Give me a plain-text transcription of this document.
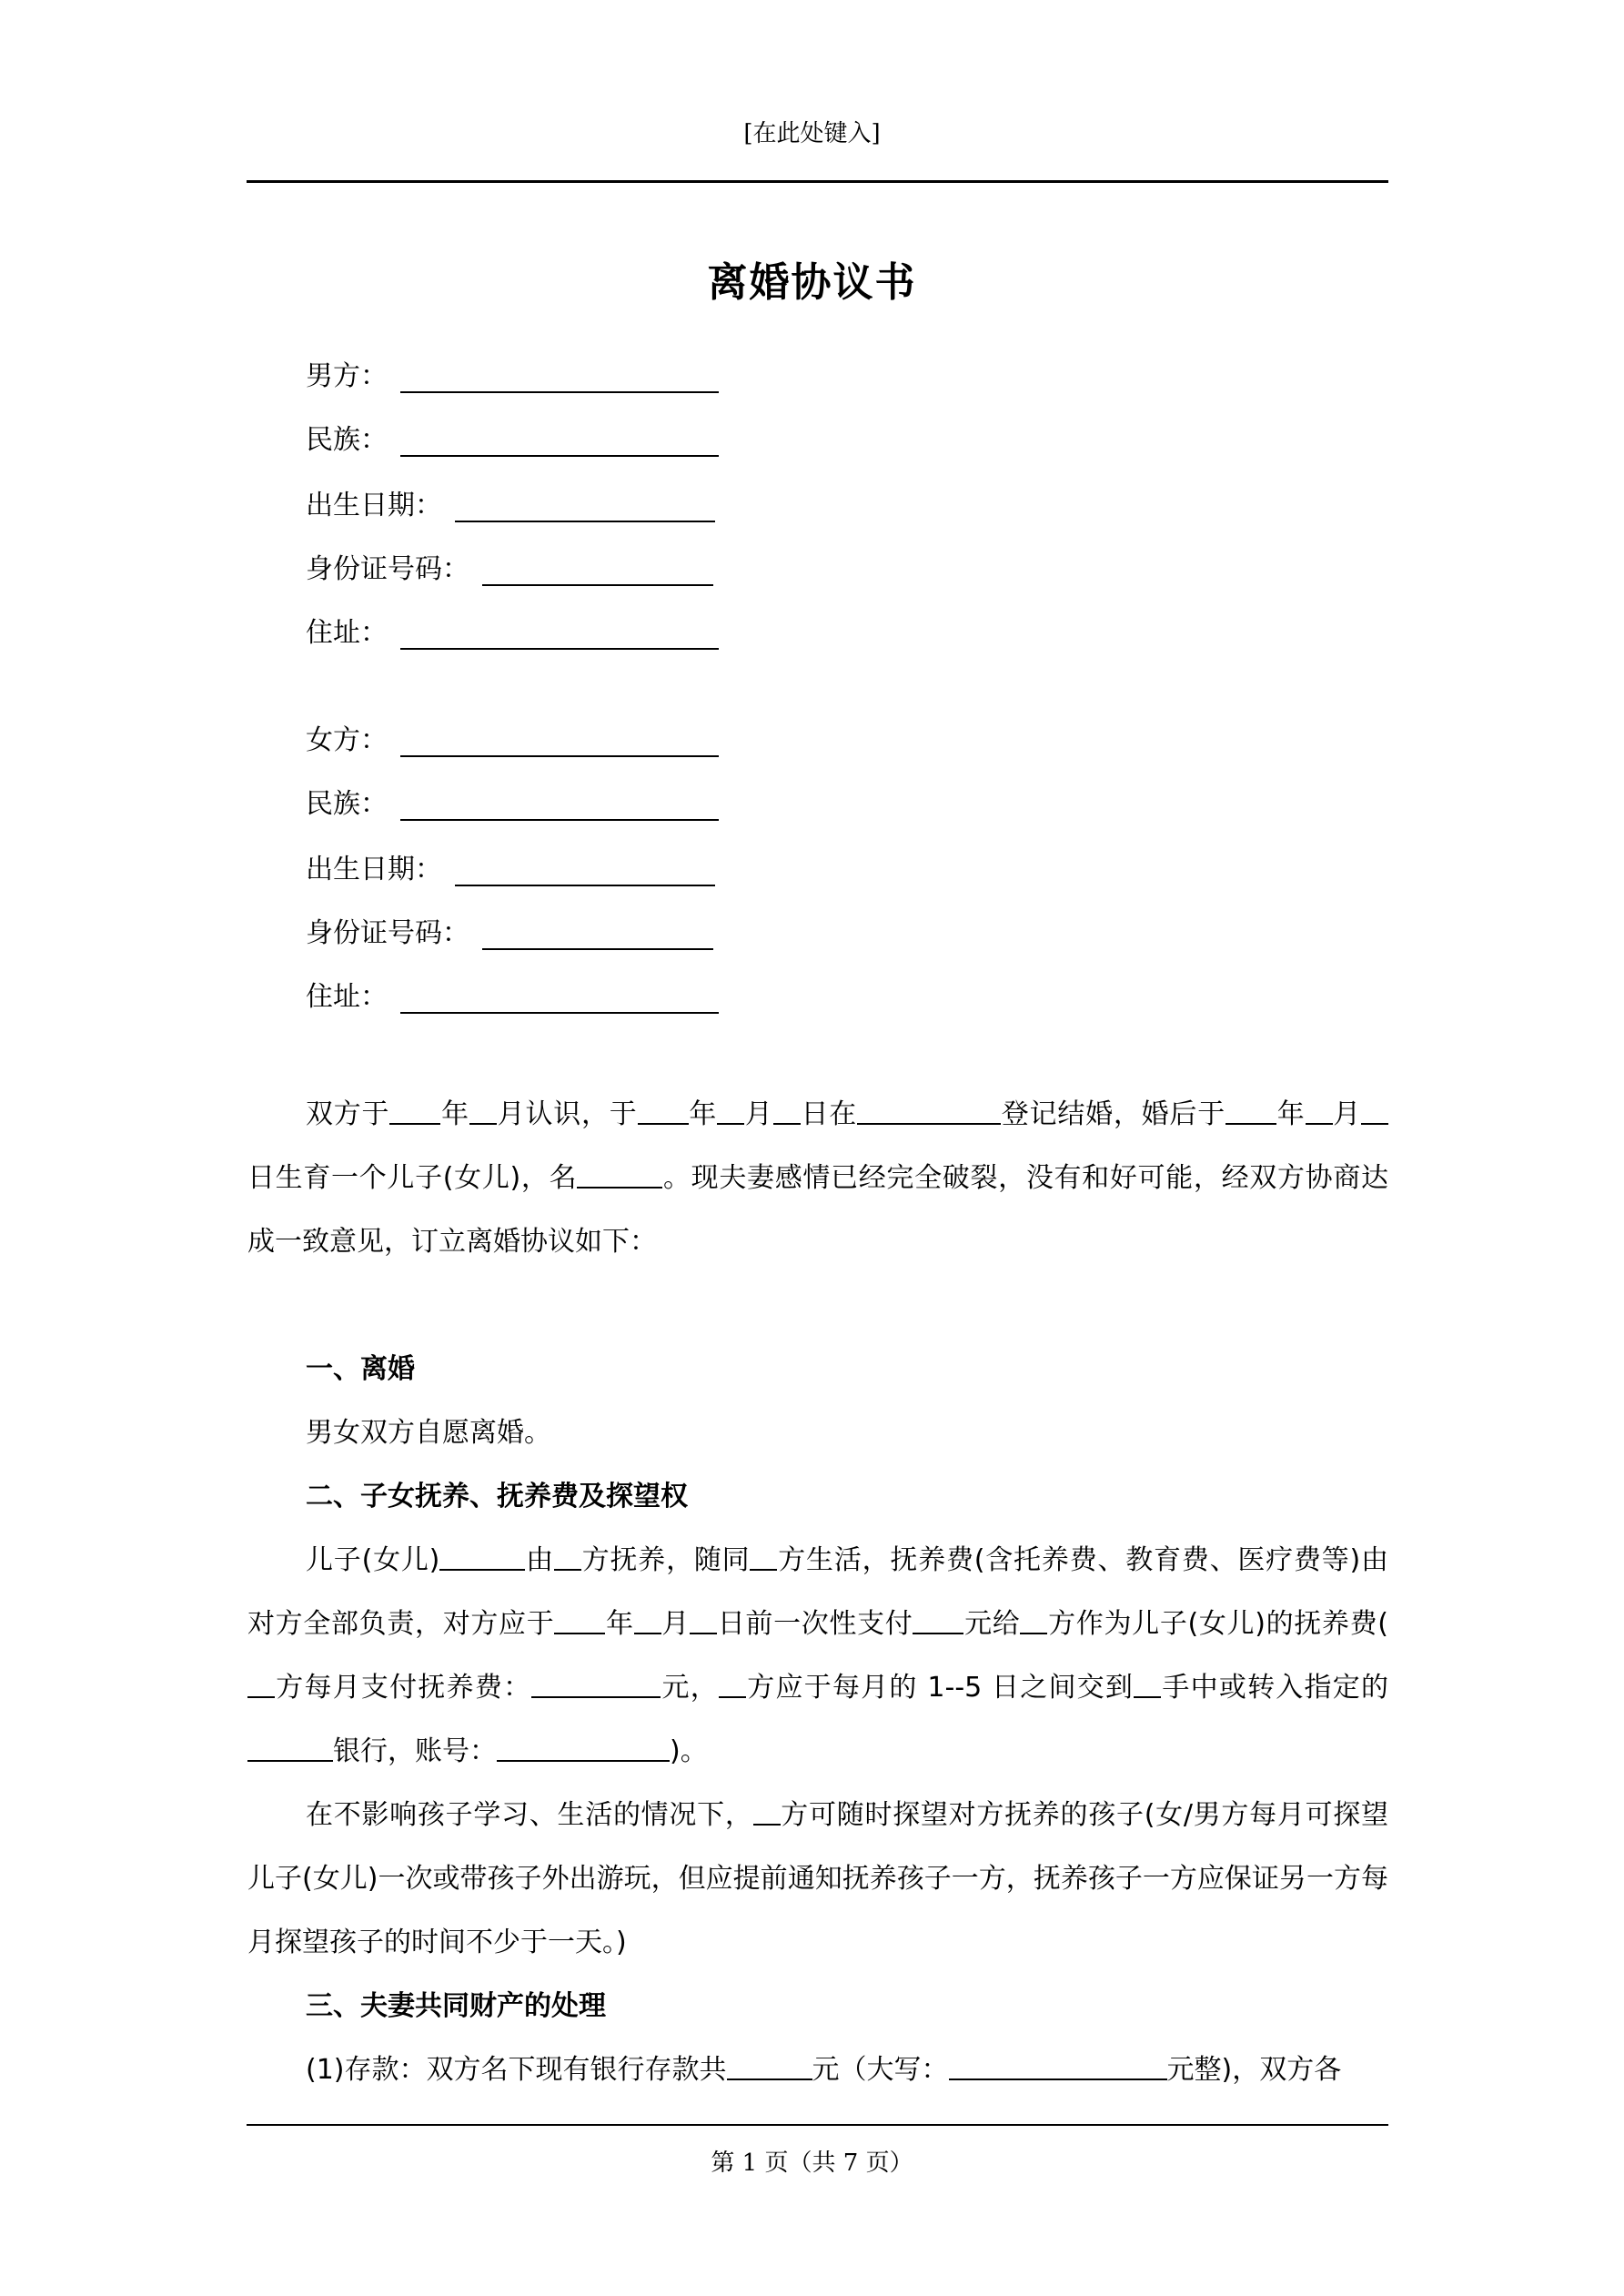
[在此处键入]
离婚协议书
男方：
民族：
出生日期：
身份证号码：
住址：
女方：
民族：
出生日期：
身份证号码：
住址：

双方于 年 月认识，于 年 月 日在	登记结婚，婚后于 年 月日生育一个儿子(女儿)，名	。现夫妻感情已经完全破裂，没有和好可能，经双方协商达成一致意见，订立离婚协议如下：

一、离婚

男女双方自愿离婚。

二、子女抚养、抚养费及探望权

儿子(女儿)	由 方抚养，随同 方生活，抚养费(含托养费、教育费、医疗费等)由对方全部负责，对方应于 年 月 日前一次性支付 元给 方作为儿子(女儿)的抚养费(方每月支付抚养费：	元， 方应于每月的 1--5 日之间交到 手中或转入指定的银行，账号：	)。

在不影响孩子学习、生活的情况下， 方可随时探望对方抚养的孩子(女/男方每月可探望儿子(女儿)一次或带孩子外出游玩，但应提前通知抚养孩子一方，抚养孩子一方应保证另一方每月探望孩子的时间不少于一天。)

三、夫妻共同财产的处理

(1)存款：双方名下现有银行存款共	元（大写：	元整)，双方各

第 1 页（共 7 页）
